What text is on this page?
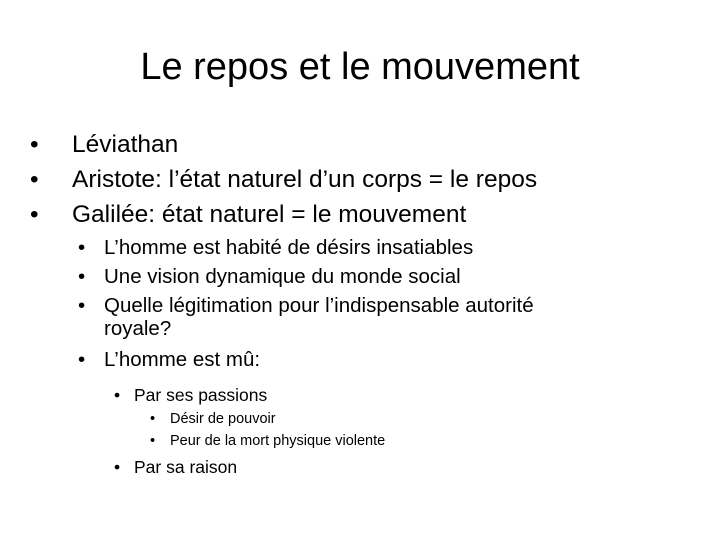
Le repos et le mouvement
• Léviathan
• Aristote: l’état naturel d’un corps = le repos
• Galilée: état naturel = le mouvement
• L’homme est habité de désirs insatiables
• Une vision dynamique du monde social
• Quelle légitimation pour l’indispensable autorité
royale?
• L’homme est mû:
• Par ses passions
• Désir de pouvoir
• Peur de la mort physique violente
• Par sa raison
